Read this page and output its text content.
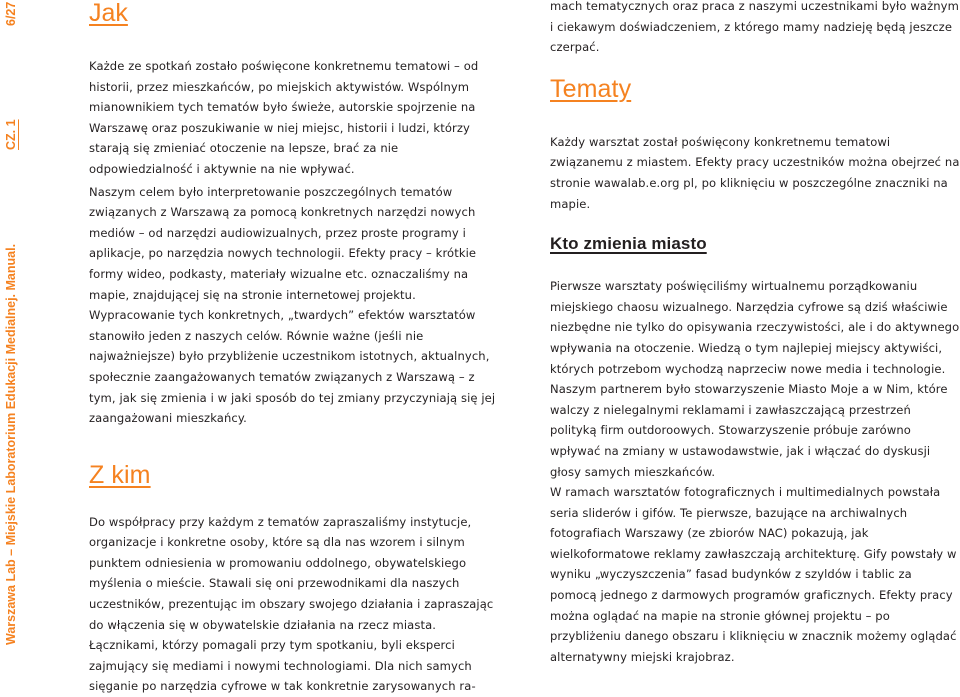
Warszawa Lab – Miejskie Laboratorium Edukacji Medialnej. Manual.
CZ. 1
6/27	Jak

Każde ze spotkań zostało poświęcone konkretnemu tematowi – od historii, przez mieszkańców, po miejskich aktywistów. Wspólnym mianownikiem tych tematów było świeże, autorskie spojrzenie na Warszawę oraz poszukiwanie w niej miejsc, historii i ludzi, którzy starają się zmieniać otoczenie na lepsze, brać za nie odpowiedzialność i aktywnie na nie wpływać.

Naszym celem było interpretowanie poszczególnych tematów związanych z Warszawą za pomocą konkretnych narzędzi nowych mediów – od narzędzi audiowizualnych, przez proste programy i aplikacje, po narzędzia nowych technologii. Efekty pracy – krótkie formy wideo, podkasty, materiały wizualne etc. oznaczaliśmy na mapie, znajdującej się na stronie internetowej projektu.

Wypracowanie tych konkretnych, „twardych” efektów warsztatów stanowiło jeden z naszych celów. Równie ważne (jeśli nie najważniejsze) było przybliżenie uczestnikom istotnych, aktualnych, społecznie zaangażowanych tematów związanych z Warszawą – z tym, jak się zmienia i w jaki sposób do tej zmiany przyczyniają się jej zaangażowani mieszkańcy.

Z kim

Do współpracy przy każdym z tematów zapraszaliśmy instytucje, organizacje i konkretne osoby, które są dla nas wzorem i silnym punktem odniesienia w promowaniu oddolnego, obywatelskiego myślenia o mieście. Stawali się oni przewodnikami dla naszych uczestników, prezentując im obszary swojego działania i zapraszając do włączenia się w obywatelskie działania na rzecz miasta.

Łącznikami, którzy pomagali przy tym spotkaniu, byli eksperci zajmujący się mediami i nowymi technologiami. Dla nich samych sięganie po narzędzia cyfrowe w tak konkretnie zarysowanych ra-

mach tematycznych oraz praca z naszymi uczestnikami było ważnym i ciekawym doświadczeniem, z którego mamy nadzieję będą jeszcze czerpać.

Tematy

Każdy warsztat został poświęcony konkretnemu tematowi związanemu z miastem. Efekty pracy uczestników można obejrzeć na stronie wawalab.e.org pl, po kliknięciu w poszczególne znaczniki na mapie.

Kto zmienia miasto

Pierwsze warsztaty poświęciliśmy wirtualnemu porządkowaniu miejskiego chaosu wizualnego. Narzędzia cyfrowe są dziś właściwie niezbędne nie tylko do opisywania rzeczywistości, ale i do aktywnego wpływania na otoczenie. Wiedzą o tym najlepiej miejscy aktywiści, których potrzebom wychodzą naprzeciw nowe media i technologie. Naszym partnerem było stowarzyszenie Miasto Moje a w Nim, które walczy z nielegalnymi reklamami i zawłaszczającą przestrzeń polityką firm outdoroowych. Stowarzyszenie próbuje zarówno wpływać na zmiany w ustawodawstwie, jak i włączać do dyskusji głosy samych mieszkańców.

W ramach warsztatów fotograficznych i multimedialnych powstała seria sliderów i gifów. Te pierwsze, bazujące na archiwalnych fotografiach Warszawy (ze zbiorów NAC) pokazują, jak wielkoformatowe reklamy zawłaszczają architekturę. Gify powstały w wyniku „wyczyszczenia” fasad budynków z szyldów i tablic za pomocą jednego z darmowych programów graficznych. Efekty pracy można oglądać na mapie na stronie głównej projektu – po przybliżeniu danego obszaru i kliknięciu w znacznik możemy oglądać alternatywny miejski krajobraz.
